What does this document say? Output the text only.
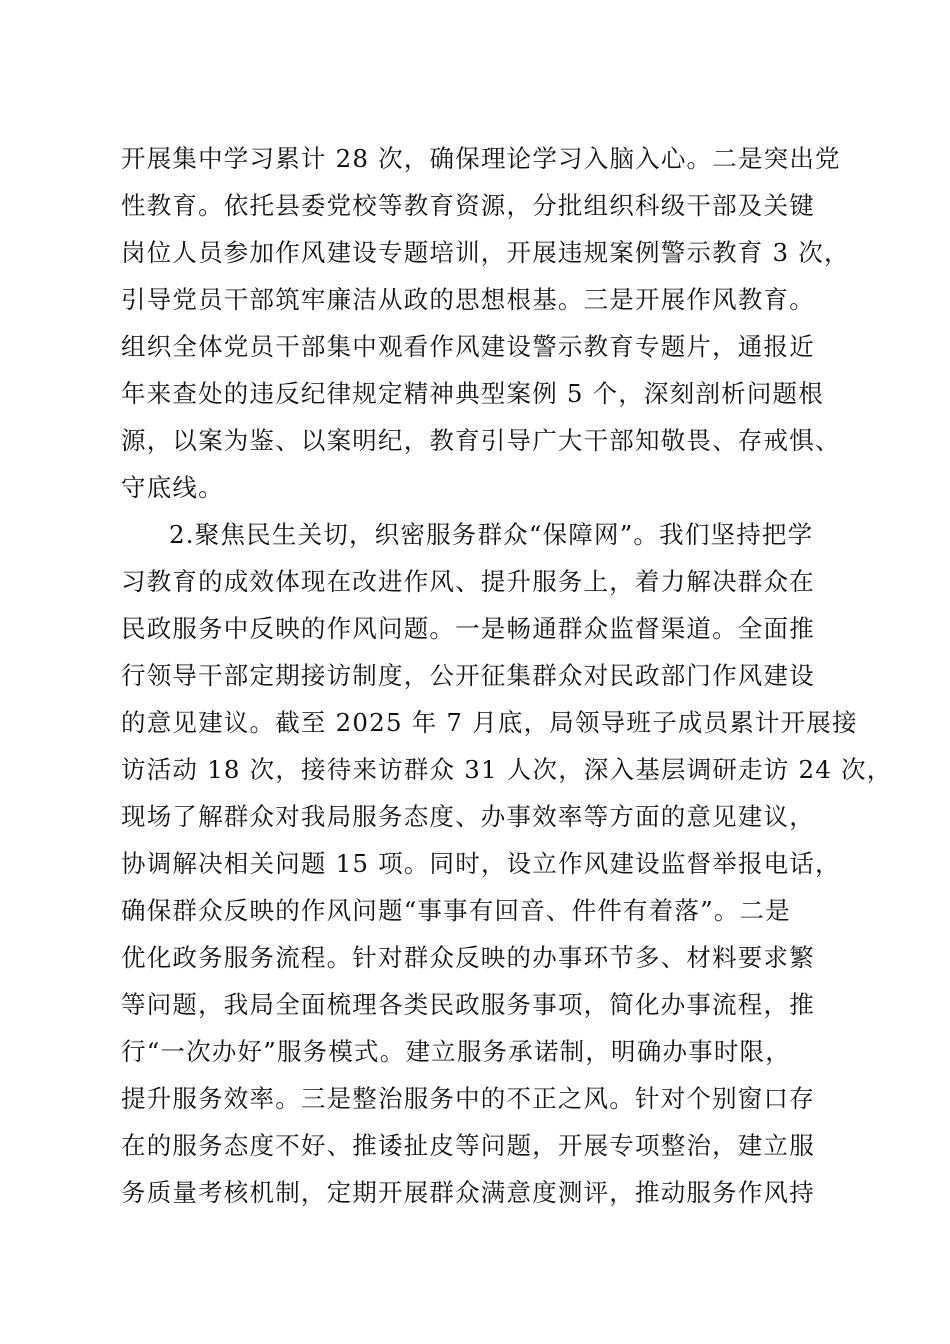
开展集中学习累计 28 次，确保理论学习入脑入心。二是突出党
性教育。依托县委党校等教育资源，分批组织科级干部及关键
岗位人员参加作风建设专题培训，开展违规案例警示教育 3 次，
引导党员干部筑牢廉洁从政的思想根基。三是开展作风教育。
组织全体党员干部集中观看作风建设警示教育专题片，通报近
年来查处的违反纪律规定精神典型案例 5 个，深刻剖析问题根
源，以案为鉴、以案明纪，教育引导广大干部知敬畏、存戒惧、
守底线。
2.聚焦民生关切，织密服务群众“保障网”。我们坚持把学
习教育的成效体现在改进作风、提升服务上，着力解决群众在
民政服务中反映的作风问题。一是畅通群众监督渠道。全面推
行领导干部定期接访制度，公开征集群众对民政部门作风建设
的意见建议。截至 2025 年 7 月底，局领导班子成员累计开展接
访活动 18 次，接待来访群众 31 人次，深入基层调研走访 24 次，
现场了解群众对我局服务态度、办事效率等方面的意见建议，
协调解决相关问题 15 项。同时，设立作风建设监督举报电话，
确保群众反映的作风问题“事事有回音、件件有着落”。二是
优化政务服务流程。针对群众反映的办事环节多、材料要求繁
等问题，我局全面梳理各类民政服务事项，简化办事流程，推
行“一次办好”服务模式。建立服务承诺制，明确办事时限，
提升服务效率。三是整治服务中的不正之风。针对个别窗口存
在的服务态度不好、推诿扯皮等问题，开展专项整治，建立服
务质量考核机制，定期开展群众满意度测评，推动服务作风持
